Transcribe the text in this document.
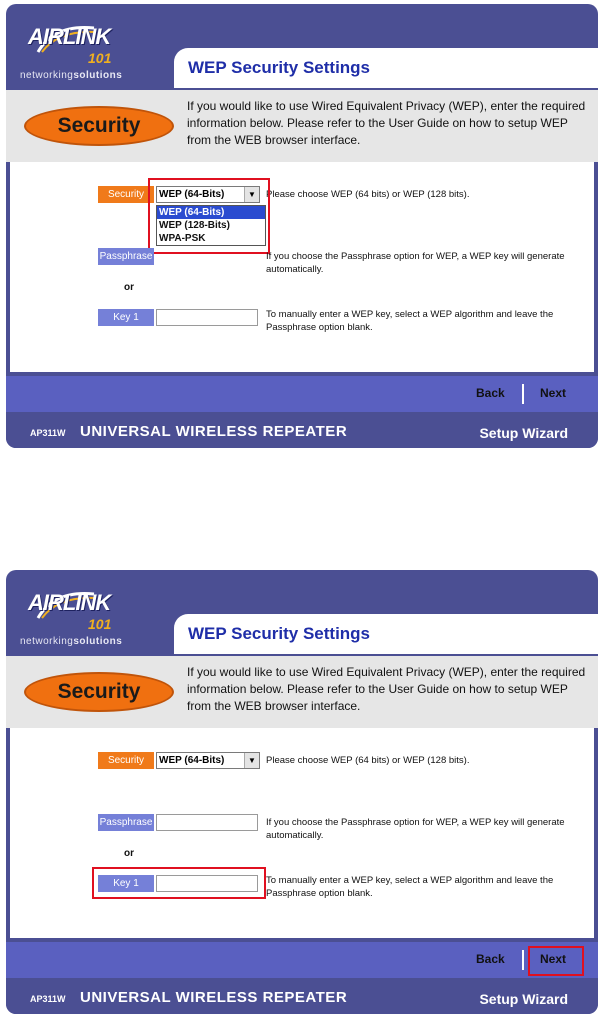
AIRLINK
101
networkingsolutions	WEP Security Settings
Security
If you would like to use Wired Equivalent Privacy (WEP), enter the required information below. Please refer to the User Guide on how to setup WEP from the WEB browser interface.
Security	WEP (64-Bits)	▼	Please choose WEP (64 bits) or WEP (128 bits).
WEP (64-Bits)
WEP (128-Bits)
WPA-PSK
Passphrase	If you choose the Passphrase option for WEP, a WEP key will generate automatically.
or
Key 1	To manually enter a WEP key, select a WEP algorithm and leave the Passphrase option blank.
Back	Next
AP311W UNIVERSAL WIRELESS REPEATER	Setup Wizard
AIRLINK
101
networkingsolutions	WEP Security Settings
Security
If you would like to use Wired Equivalent Privacy (WEP), enter the required information below. Please refer to the User Guide on how to setup WEP from the WEB browser interface.
Security	WEP (64-Bits)	▼	Please choose WEP (64 bits) or WEP (128 bits).
Passphrase	If you choose the Passphrase option for WEP, a WEP key will generate automatically.
or
Key 1	To manually enter a WEP key, select a WEP algorithm and leave the Passphrase option blank.
Back	Next
AP311W UNIVERSAL WIRELESS REPEATER	Setup Wizard
